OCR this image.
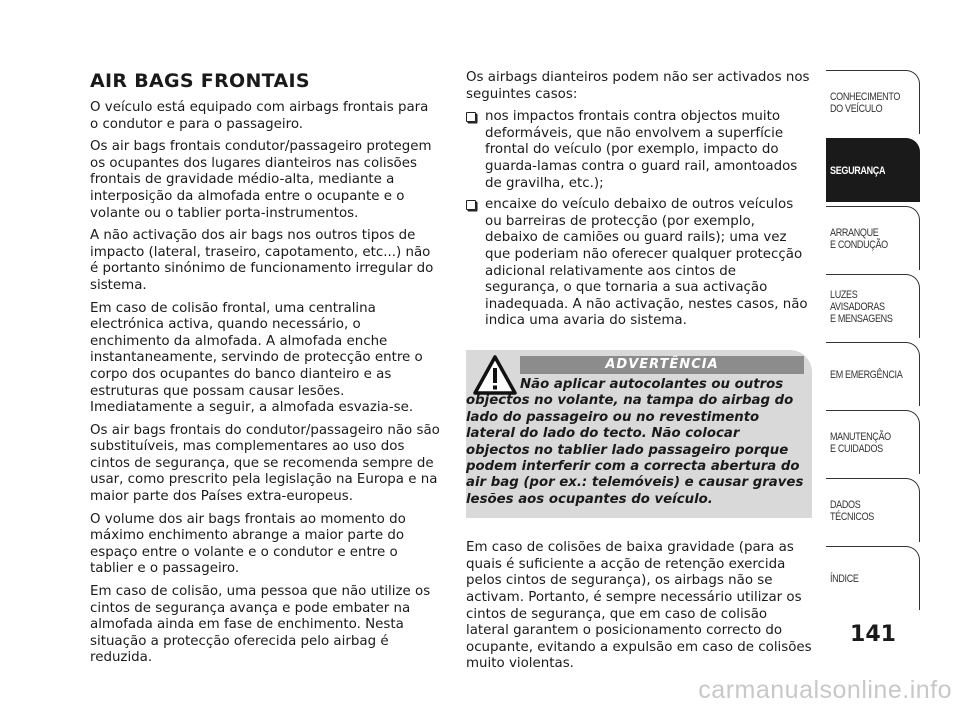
AIR BAGS FRONTAIS

O veículo está equipado com airbags frontais para o condutor e para o passageiro.

Os air bags frontais condutor/passageiro protegem os ocupantes dos lugares dianteiros nas colisões frontais de gravidade médio-alta, mediante a interposição da almofada entre o ocupante e o volante ou o tablier porta-instrumentos.

A não activação dos air bags nos outros tipos de impacto (lateral, traseiro, capotamento, etc...) não é portanto sinónimo de funcionamento irregular do sistema.

Em caso de colisão frontal, uma centralina electrónica activa, quando necessário, o enchimento da almofada. A almofada enche instantaneamente, servindo de protecção entre o corpo dos ocupantes do banco dianteiro e as estruturas que possam causar lesões. Imediatamente a seguir, a almofada esvazia-se.

Os air bags frontais do condutor/passageiro não são substituíveis, mas complementares ao uso dos cintos de segurança, que se recomenda sempre de usar, como prescrito pela legislação na Europa e na maior parte dos Países extra-europeus.

O volume dos air bags frontais ao momento do máximo enchimento abrange a maior parte do espaço entre o volante e o condutor e entre o tablier e o passageiro.

Em caso de colisão, uma pessoa que não utilize os cintos de segurança avança e pode embater na almofada ainda em fase de enchimento. Nesta situação a protecção oferecida pelo airbag é reduzida.

Os airbags dianteiros podem não ser activados nos seguintes casos:

nos impactos frontais contra objectos muito deformáveis, que não envolvem a superfície frontal do veículo (por exemplo, impacto do guarda-lamas contra o guard rail, amontoados de gravilha, etc.);
encaixe do veículo debaixo de outros veículos ou barreiras de protecção (por exemplo, debaixo de camiões ou guard rails); uma vez que poderiam não oferecer qualquer protecção adicional relativamente aos cintos de segurança, o que tornaria a sua activação inadequada. A não activação, nestes casos, não indica uma avaria do sistema.
ADVERTÊNCIA
Não aplicar autocolantes ou outros objectos no volante, na tampa do airbag do lado do passageiro ou no revestimento lateral do lado do tecto. Não colocar objectos no tablier lado passageiro porque podem interferir com a correcta abertura do air bag (por ex.: telemóveis) e causar graves lesões aos ocupantes do veículo.

Em caso de colisões de baixa gravidade (para as quais é suficiente a acção de retenção exercida pelos cintos de segurança), os airbags não se activam. Portanto, é sempre necessário utilizar os cintos de segurança, que em caso de colisão lateral garantem o posicionamento correcto do ocupante, evitando a expulsão em caso de colisões muito violentas.

CONHECIMENTO
DO VEÍCULO
SEGURANÇA
ARRANQUE
E CONDUÇÃO
LUZES
AVISADORAS
E MENSAGENS
EM EMERGÊNCIA
MANUTENÇÃO
E CUIDADOS
DADOS
TÉCNICOS
ÍNDICE
141
carmanualsonline.info
